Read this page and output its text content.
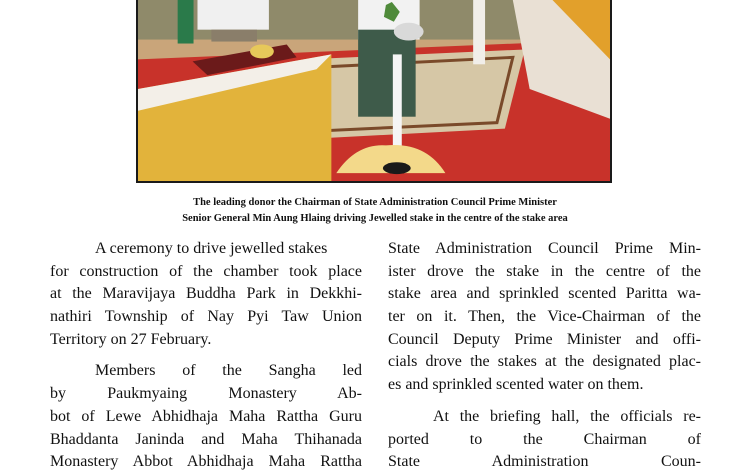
The leading donor the Chairman of State Administration Council Prime Minister
Senior General Min Aung Hlaing driving Jewelled stake in the centre of the stake area
A ceremony to drive jewelled stakes
for construction of the chamber took place
at the Maravijaya Buddha Park in Dekkhi-
nathiri Township of Nay Pyi Taw Union
Territory on 27 February.
Members of the Sangha led
by Paukmyaing Monastery Ab-
bot of Lewe Abhidhaja Maha Rattha Guru
Bhaddanta Janinda and Maha Thihanada
Monastery Abbot Abhidhaja Maha Rattha
State Administration Council Prime Min-
ister drove the stake in the centre of the
stake area and sprinkled scented Paritta wa-
ter on it. Then, the Vice-Chairman of the
Council Deputy Prime Minister and offi-
cials drove the stakes at the designated plac-
es and sprinkled scented water on them.
At the briefing hall, the officials re-
ported to the Chairman of
State Administration Coun-
